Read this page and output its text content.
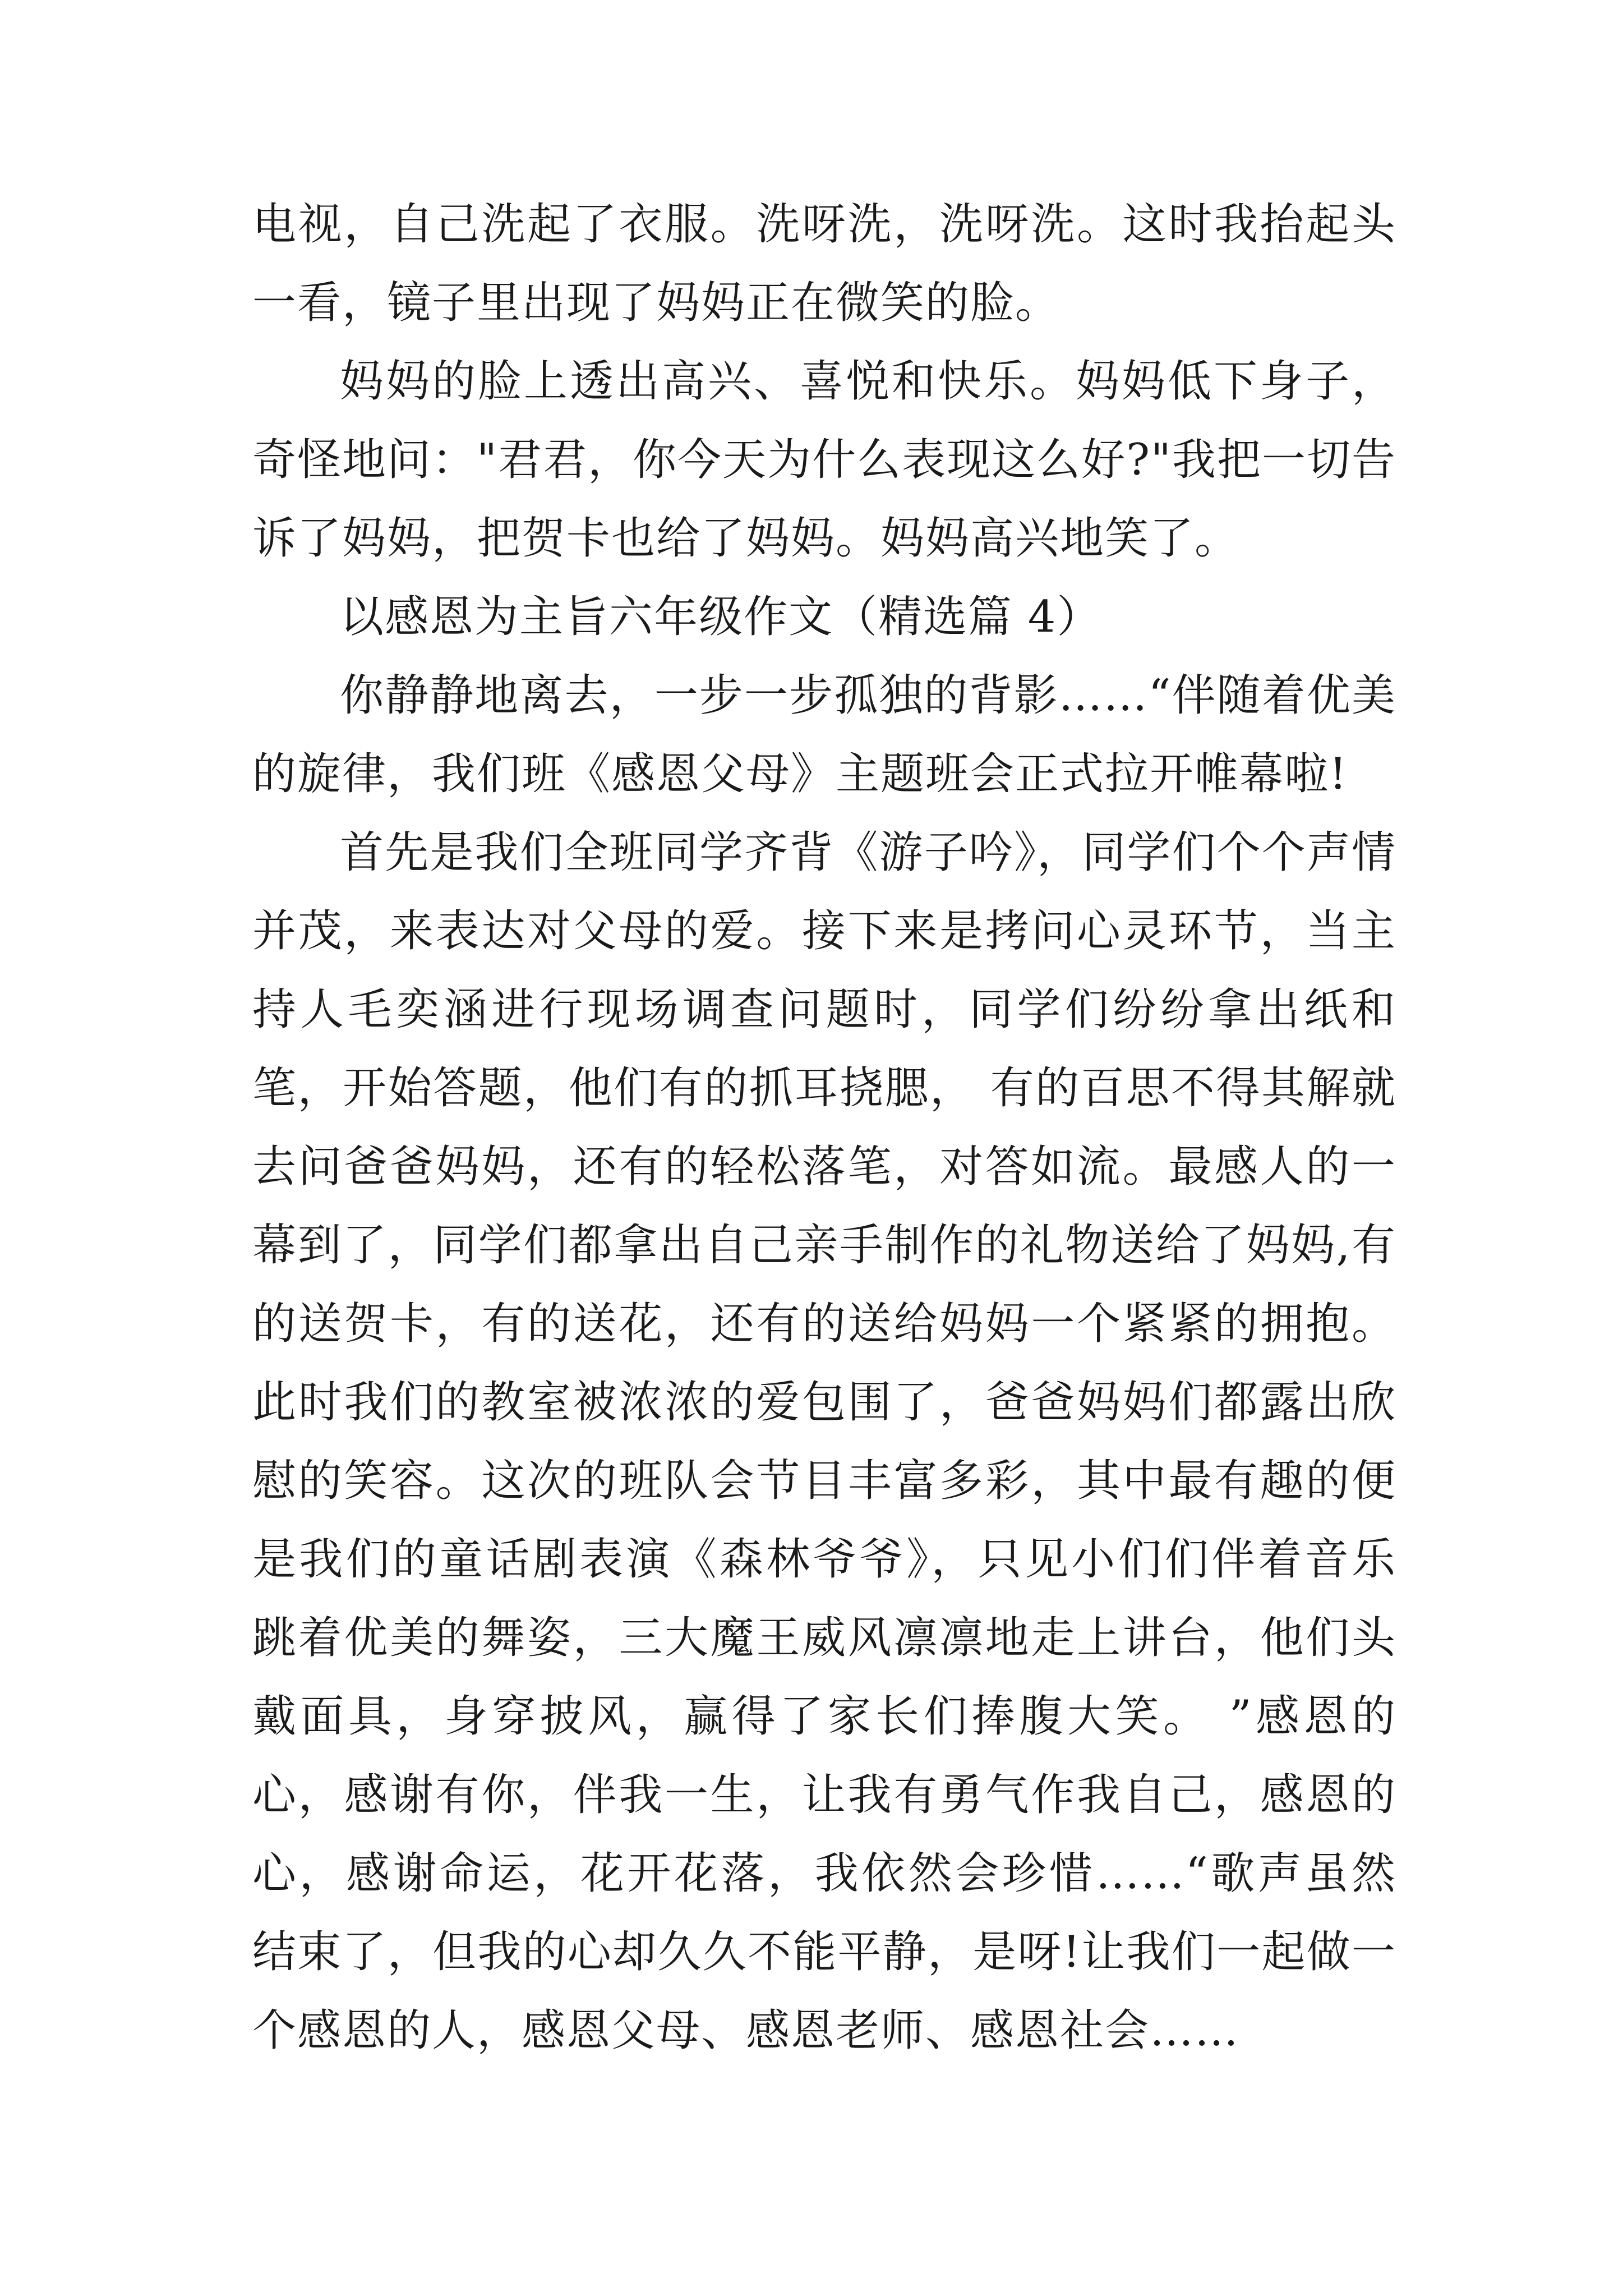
电视，自己洗起了衣服。洗呀洗，洗呀洗。这时我抬起头一看，镜子里出现了妈妈正在微笑的脸。

妈妈的脸上透出高兴、喜悦和快乐。妈妈低下身子，奇怪地问："君君，你今天为什么表现这么好?"我把一切告诉了妈妈，把贺卡也给了妈妈。妈妈高兴地笑了。

以感恩为主旨六年级作文（精选篇 4）

你静静地离去，一步一步孤独的背影……“伴随着优美的旋律，我们班《感恩父母》主题班会正式拉开帷幕啦!

首先是我们全班同学齐背《游子吟》，同学们个个声情并茂，来表达对父母的爱。接下来是拷问心灵环节，当主持人毛奕涵进行现场调查问题时，同学们纷纷拿出纸和笔，开始答题，他们有的抓耳挠腮， 有的百思不得其解就去问爸爸妈妈，还有的轻松落笔，对答如流。最感人的一幕到了，同学们都拿出自己亲手制作的礼物送给了妈妈,有的送贺卡，有的送花，还有的送给妈妈一个紧紧的拥抱。此时我们的教室被浓浓的爱包围了，爸爸妈妈们都露出欣慰的笑容。这次的班队会节目丰富多彩，其中最有趣的便是我们的童话剧表演《森林爷爷》，只见小们们伴着音乐跳着优美的舞姿，三大魔王威风凛凛地走上讲台，他们头戴面具，身穿披风，赢得了家长们捧腹大笑。 ”感恩的心，感谢有你，伴我一生，让我有勇气作我自己，感恩的心，感谢命运，花开花落，我依然会珍惜……“歌声虽然结束了，但我的心却久久不能平静，是呀!让我们一起做一个感恩的人，感恩父母、感恩老师、感恩社会……
